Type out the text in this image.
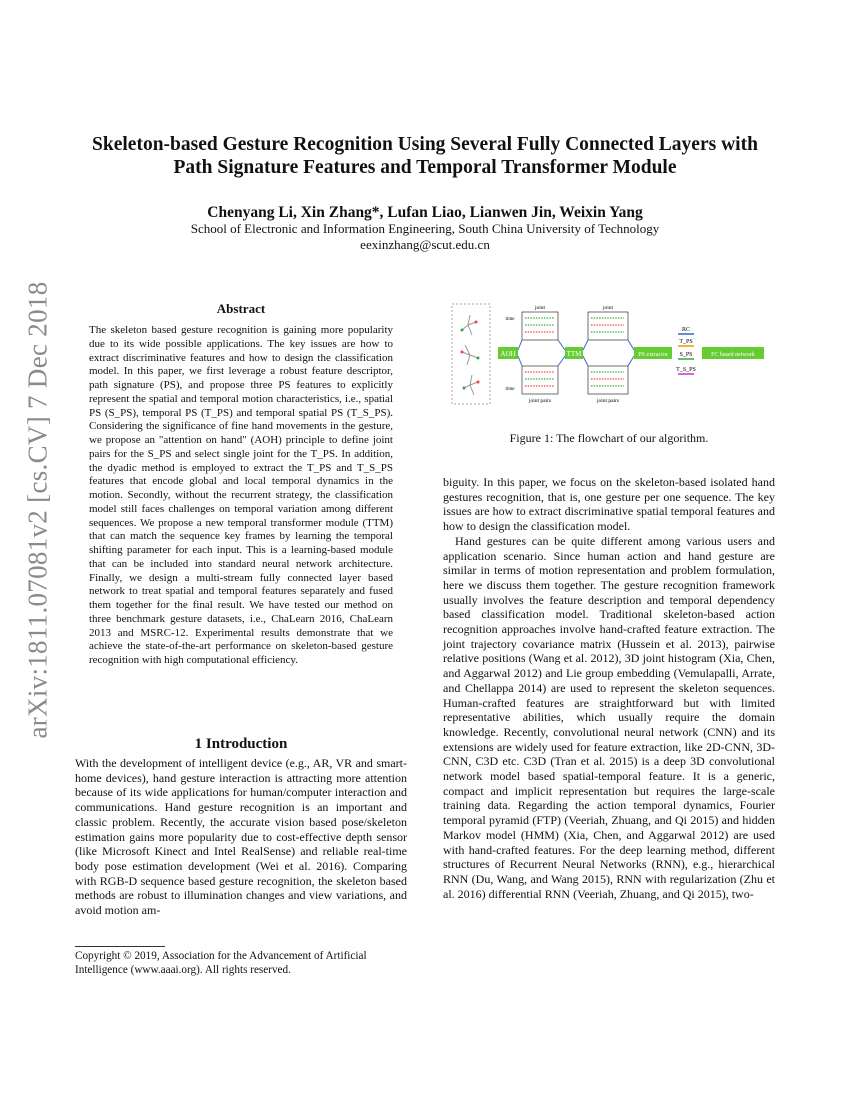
arXiv:1811.07081v2 [cs.CV] 7 Dec 2018
Skeleton-based Gesture Recognition Using Several Fully Connected Layers with
Path Signature Features and Temporal Transformer Module
Chenyang Li, Xin Zhang*, Lufan Liao, Lianwen Jin, Weixin Yang
School of Electronic and Information Engineering, South China University of Technology
eexinzhang@scut.edu.cn
Abstract
The skeleton based gesture recognition is gaining more popularity due to its wide possible applications. The key issues are how to extract discriminative features and how to design the classification model. In this paper, we first leverage a robust feature descriptor, path signature (PS), and propose three PS features to explicitly represent the spatial and temporal motion characteristics, i.e., spatial PS (S_PS), temporal PS (T_PS) and temporal spatial PS (T_S_PS). Considering the significance of fine hand movements in the gesture, we propose an "attention on hand" (AOH) principle to define joint pairs for the S_PS and select single joint for the T_PS. In addition, the dyadic method is employed to extract the T_PS and T_S_PS features that encode global and local temporal dynamics in the motion. Secondly, without the recurrent strategy, the classification model still faces challenges on temporal variation among different sequences. We propose a new temporal transformer module (TTM) that can match the sequence key frames by learning the temporal shifting parameter for each input. This is a learning-based module that can be included into standard neural network architecture. Finally, we design a multi-stream fully connected layer based network to treat spatial and temporal features separately and fused them together for the final result. We have tested our method on three benchmark gesture datasets, i.e., ChaLearn 2016, ChaLearn 2013 and MSRC-12. Experimental results demonstrate that we achieve the state-of-the-art performance on skeleton-based gesture recognition with high computational efficiency.
1 Introduction
With the development of intelligent device (e.g., AR, VR and smart-home devices), hand gesture interaction is attracting more attention because of its wide applications for human/computer interaction and communications. Hand gesture recognition is an important and classic problem. Recently, the accurate vision based pose/skeleton estimation gains more popularity due to cost-effective depth sensor (like Microsoft Kinect and Intel RealSense) and reliable real-time body pose estimation development (Wei et al. 2016). Comparing with RGB-D sequence based gesture recognition, the skeleton based methods are robust to illumination changes and view variations, and avoid motion am-
Copyright © 2019, Association for the Advancement of Artificial Intelligence (www.aaai.org). All rights reserved.
AOH
joint
joint pairs
time
time
TTM
joint
joint pairs
PS extractor
RC
T_PS
S_PS
T_S_PS
FC based network
Figure 1: The flowchart of our algorithm.

biguity. In this paper, we focus on the skeleton-based isolated hand gestures recognition, that is, one gesture per one sequence. The key issues are how to extract discriminative spatial temporal features and how to design the classification model.

Hand gestures can be quite different among various users and application scenario. Since human action and hand gesture are similar in terms of motion representation and problem formulation, here we discuss them together. The gesture recognition framework usually involves the feature description and temporal dependency based classification model. Traditional skeleton-based action recognition approaches involve hand-crafted feature extraction. The joint trajectory covariance matrix (Hussein et al. 2013), pairwise relative positions (Wang et al. 2012), 3D joint histogram (Xia, Chen, and Aggarwal 2012) and Lie group embedding (Vemulapalli, Arrate, and Chellappa 2014) are used to represent the skeleton sequences. Human-crafted features are straightforward but with limited representative abilities, which usually require the domain knowledge. Recently, convolutional neural network (CNN) and its extensions are widely used for feature extraction, like 2D-CNN, 3D-CNN, C3D etc. C3D (Tran et al. 2015) is a deep 3D convolutional network model based spatial-temporal feature. It is a generic, compact and implicit representation but requires the large-scale training data. Regarding the action temporal dynamics, Fourier temporal pyramid (FTP) (Veeriah, Zhuang, and Qi 2015) and hidden Markov model (HMM) (Xia, Chen, and Aggarwal 2012) are used with hand-crafted features. For the deep learning method, different structures of Recurrent Neural Networks (RNN), e.g., hierarchical RNN (Du, Wang, and Wang 2015), RNN with regularization (Zhu et al. 2016) differential RNN (Veeriah, Zhuang, and Qi 2015), two-
